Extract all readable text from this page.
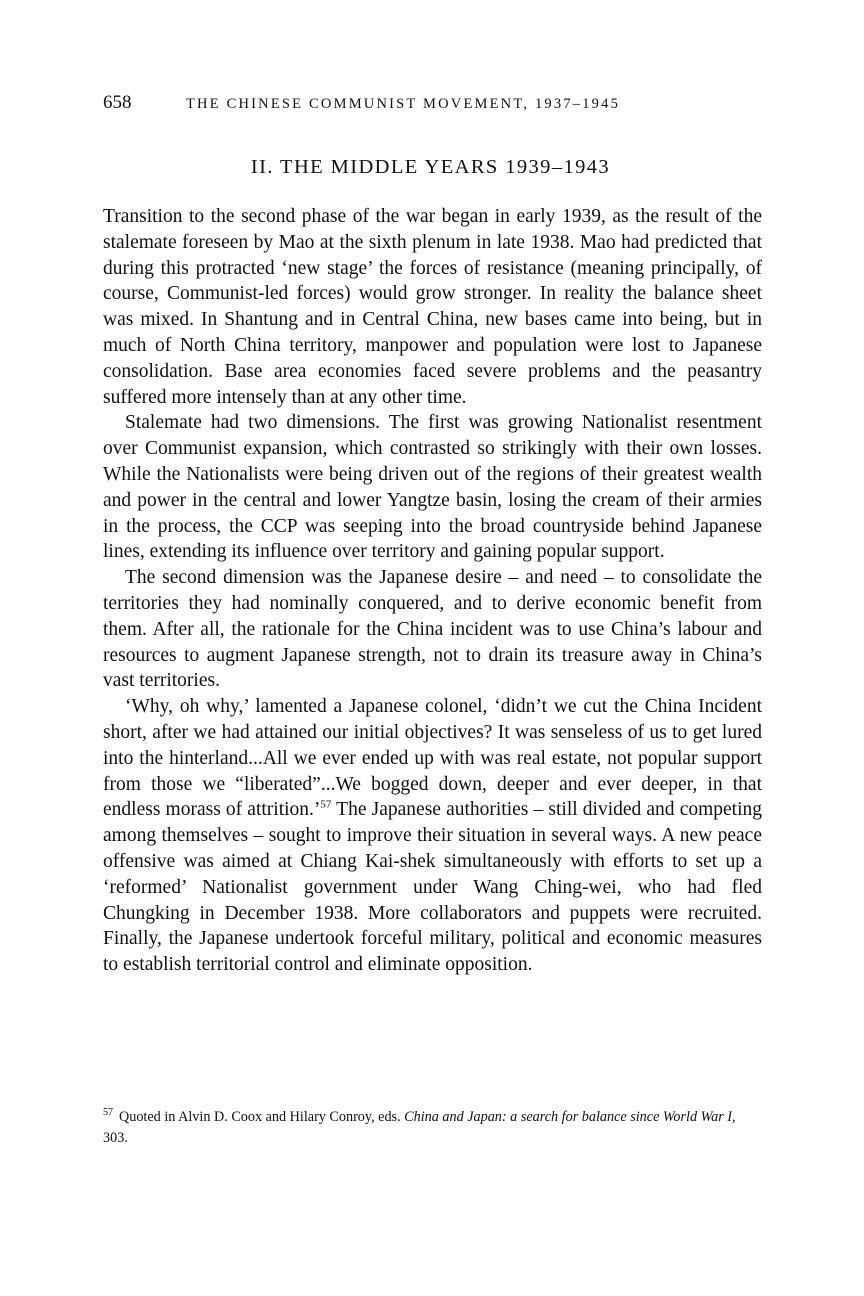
658	THE CHINESE COMMUNIST MOVEMENT, 1937–1945
II. THE MIDDLE YEARS 1939–1943

Transition to the second phase of the war began in early 1939, as the result of the stalemate foreseen by Mao at the sixth plenum in late 1938. Mao had predicted that during this protracted ‘new stage’ the forces of resistance (meaning principally, of course, Communist-led forces) would grow stronger. In reality the balance sheet was mixed. In Shantung and in Central China, new bases came into being, but in much of North China territory, manpower and population were lost to Japanese consolidation. Base area economies faced severe problems and the peasantry suffered more intensely than at any other time.

Stalemate had two dimensions. The first was growing Nationalist resentment over Communist expansion, which contrasted so strikingly with their own losses. While the Nationalists were being driven out of the regions of their greatest wealth and power in the central and lower Yangtze basin, losing the cream of their armies in the process, the CCP was seeping into the broad countryside behind Japanese lines, extending its influence over territory and gaining popular support.

The second dimension was the Japanese desire – and need – to consolidate the territories they had nominally conquered, and to derive economic benefit from them. After all, the rationale for the China incident was to use China’s labour and resources to augment Japanese strength, not to drain its treasure away in China’s vast territories.

‘Why, oh why,’ lamented a Japanese colonel, ‘didn’t we cut the China Incident short, after we had attained our initial objectives? It was senseless of us to get lured into the hinterland...All we ever ended up with was real estate, not popular support from those we “liberated”...We bogged down, deeper and ever deeper, in that endless morass of attrition.’$^{57}$ The Japanese authorities – still divided and competing among themselves – sought to improve their situation in several ways. A new peace offensive was aimed at Chiang Kai-shek simultaneously with efforts to set up a ‘reformed’ Nationalist government under Wang Ching-wei, who had fled Chungking in December 1938. More collaborators and puppets were recruited. Finally, the Japanese undertook forceful military, political and economic measures to establish territorial control and eliminate opposition.

$^{57}$ Quoted in Alvin D. Coox and Hilary Conroy, eds. China and Japan: a search for balance since World War I, 303.
